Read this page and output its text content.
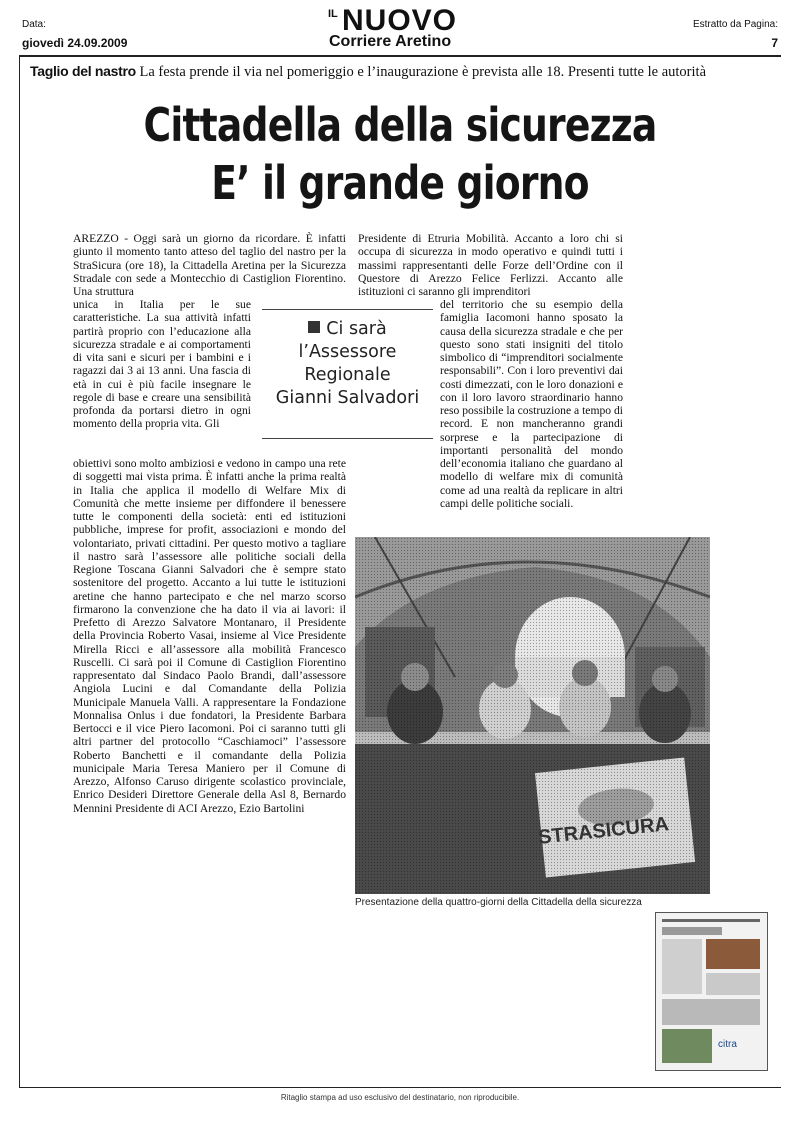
Data:
giovedì 24.09.2009
IL NUOVO
Corriere Aretino
Estratto da Pagina:
7
Taglio del nastro La festa prende il via nel pomeriggio e l’inaugurazione è prevista alle 18. Presenti tutte le autorità
Cittadella della sicurezza
E’ il grande giorno

AREZZO - Oggi sarà un giorno da ricordare. È infatti giunto il momento tanto atteso del taglio del nastro per la StraSicura (ore 18), la Cittadella Aretina per la Sicurezza Stradale con sede a Montecchio di Castiglion Fiorentino. Una struttura

unica in Italia per le sue caratteristiche. La sua attività infatti partirà proprio con l’educazione alla sicurezza stradale e ai comportamenti di vita sani e sicuri per i bambini e i ragazzi dai 3 ai 13 anni. Una fascia di età in cui è più facile insegnare le regole di base e creare una sensibilità profonda da portarsi dietro in ogni momento della propria vita. Gli

obiettivi sono molto ambiziosi e vedono in campo una rete di soggetti mai vista prima. È infatti anche la prima realtà in Italia che applica il modello di Welfare Mix di Comunità che mette insieme per diffondere il benessere tutte le componenti della società: enti ed istituzioni pubbliche, imprese for profit, associazioni e mondo del volontariato, privati cittadini. Per questo motivo a tagliare il nastro sarà l’assessore alle politiche sociali della Regione Toscana Gianni Salvadori che è sempre stato sostenitore del progetto. Accanto a lui tutte le istituzioni aretine che hanno partecipato e che nel marzo scorso firmarono la convenzione che ha dato il via ai lavori: il Prefetto di Arezzo Salvatore Montanaro, il Presidente della Provincia Roberto Vasai, insieme al Vice Presidente Mirella Ricci e all’assessore alla mobilità Francesco Ruscelli. Ci sarà poi il Comune di Castiglion Fiorentino rappresentato dal Sindaco Paolo Brandi, dall’assessore Angiola Lucini e dal Comandante della Polizia Municipale Manuela Valli. A rappresentare la Fondazione Monnalisa Onlus i due fondatori, la Presidente Barbara Bertocci e il vice Piero Iacomoni. Poi ci saranno tutti gli altri partner del protocollo “Caschiamoci” l’assessore Roberto Banchetti e il comandante della Polizia municipale Maria Teresa Maniero per il Comune di Arezzo, Alfonso Caruso dirigente scolastico provinciale, Enrico Desideri Direttore Generale della Asl 8, Bernardo Mennini Presidente di ACI Arezzo, Ezio Bartolini

Presidente di Etruria Mobilità. Accanto a loro chi si occupa di sicurezza in modo operativo e quindi tutti i massimi rappresentanti delle Forze dell’Ordine con il Questore di Arezzo Felice Ferlizzi. Accanto alle istituzioni ci saranno gli imprenditori

del territorio che su esempio della famiglia Iacomoni hanno sposato la causa della sicurezza stradale e che per questo sono stati insigniti del titolo simbolico di “imprenditori socialmente responsabili”. Con i loro preventivi dai costi dimezzati, con le loro donazioni e con il loro lavoro straordinario hanno reso possibile la costruzione a tempo di record. E non mancheranno grandi sorprese e la partecipazione di importanti personalità del mondo dell’economia italiano che guardano al modello di welfare mix di comunità come ad una realtà da replicare in altri campi delle politiche sociali.

Ci sarà
l’Assessore
Regionale
Gianni Salvadori
STRASICURA
Presentazione della quattro-giorni della Cittadella della sicurezza
citra
Ritaglio stampa ad uso esclusivo del destinatario, non riproducibile.
